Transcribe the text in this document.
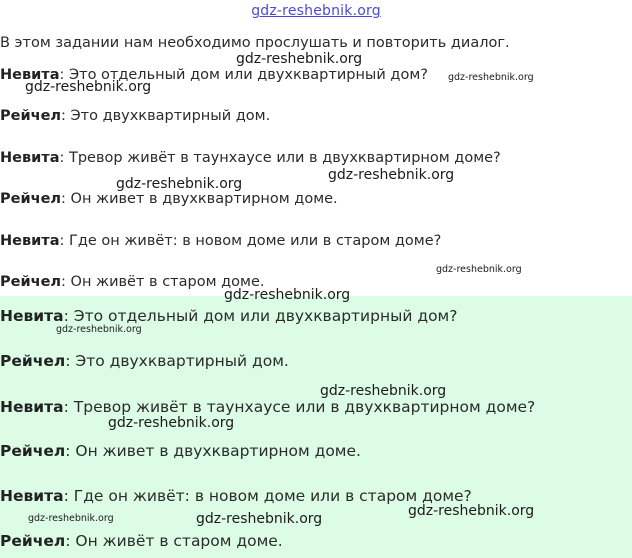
gdz-reshebnik.org
В этом задании нам необходимо прослушать и повторить диалог.
Невита: Это отдельный дом или двухквартирный дом?
Рейчел: Это двухквартирный дом.
Невита: Тревор живёт в таунхаусе или в двухквартирном доме?
Рейчел: Он живет в двухквартирном доме.
Невита: Где он живёт: в новом доме или в старом доме?
Рейчел: Он живёт в старом доме.
Невита: Это отдельный дом или двухквартирный дом?
Рейчел: Это двухквартирный дом.
Невита: Тревор живёт в таунхаусе или в двухквартирном доме?
Рейчел: Он живет в двухквартирном доме.
Невита: Где он живёт: в новом доме или в старом доме?
Рейчел: Он живёт в старом доме.
gdz-reshebnik.org
gdz-reshebnik.org
gdz-reshebnik.org
gdz-reshebnik.org
gdz-reshebnik.org
gdz-reshebnik.org
gdz-reshebnik.org
gdz-reshebnik.org
gdz-reshebnik.org
gdz-reshebnik.org
gdz-reshebnik.org
gdz-reshebnik.org	gdz-reshebnik.org
